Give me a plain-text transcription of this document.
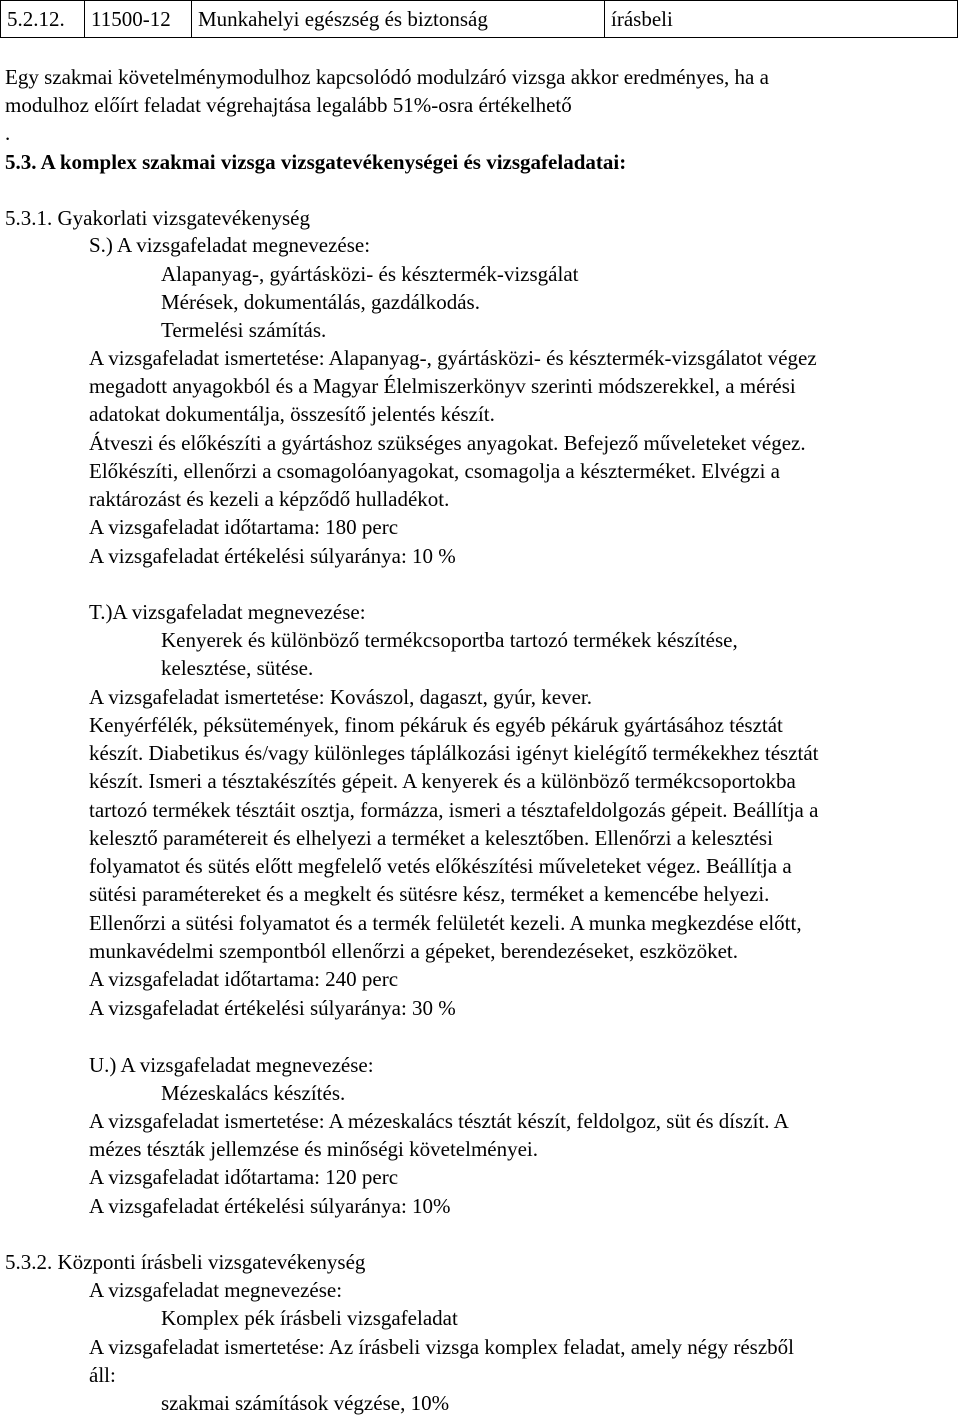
5.2.12.	11500-12	Munkahelyi egészség és biztonság	írásbeli
Egy szakmai követelménymodulhoz kapcsolódó modulzáró vizsga akkor eredményes, ha a
modulhoz előírt feladat végrehajtása legalább 51%-osra értékelhető
.
5.3. A komplex szakmai vizsga vizsgatevékenységei és vizsgafeladatai:
5.3.1. Gyakorlati vizsgatevékenység
S.) A vizsgafeladat megnevezése:
Alapanyag-, gyártásközi- és késztermék-vizsgálat
Mérések, dokumentálás, gazdálkodás.
Termelési számítás.
A vizsgafeladat ismertetése: Alapanyag-, gyártásközi- és késztermék-vizsgálatot végez
megadott anyagokból és a Magyar Élelmiszerkönyv szerinti módszerekkel, a mérési
adatokat dokumentálja, összesítő jelentés készít.
Átveszi és előkészíti a gyártáshoz szükséges anyagokat. Befejező műveleteket végez.
Előkészíti, ellenőrzi a csomagolóanyagokat, csomagolja a készterméket. Elvégzi a
raktározást és kezeli a képződő hulladékot.
A vizsgafeladat időtartama: 180 perc
A vizsgafeladat értékelési súlyaránya: 10 %
T.)A vizsgafeladat megnevezése:
Kenyerek és különböző termékcsoportba tartozó termékek készítése,
kelesztése, sütése.
A vizsgafeladat ismertetése: Kovászol, dagaszt, gyúr, kever.
Kenyérfélék, péksütemények, finom pékáruk és egyéb pékáruk gyártásához tésztát
készít. Diabetikus és/vagy különleges táplálkozási igényt kielégítő termékekhez tésztát
készít. Ismeri a tésztakészítés gépeit. A kenyerek és a különböző termékcsoportokba
tartozó termékek tésztáit osztja, formázza, ismeri a tésztafeldolgozás gépeit. Beállítja a
kelesztő paramétereit és elhelyezi a terméket a kelesztőben. Ellenőrzi a kelesztési
folyamatot és sütés előtt megfelelő vetés előkészítési műveleteket végez. Beállítja a
sütési paramétereket és a megkelt és sütésre kész, terméket a kemencébe helyezi.
Ellenőrzi a sütési folyamatot és a termék felületét kezeli. A munka megkezdése előtt,
munkavédelmi szempontból ellenőrzi a gépeket, berendezéseket, eszközöket.
A vizsgafeladat időtartama: 240 perc
A vizsgafeladat értékelési súlyaránya: 30 %
U.) A vizsgafeladat megnevezése:
Mézeskalács készítés.
A vizsgafeladat ismertetése: A mézeskalács tésztát készít, feldolgoz, süt és díszít. A
mézes tészták jellemzése és minőségi követelményei.
A vizsgafeladat időtartama: 120 perc
A vizsgafeladat értékelési súlyaránya: 10%
5.3.2. Központi írásbeli vizsgatevékenység
A vizsgafeladat megnevezése:
Komplex pék írásbeli vizsgafeladat
A vizsgafeladat ismertetése: Az írásbeli vizsga komplex feladat, amely négy részből
áll:
szakmai számítások végzése, 10%
